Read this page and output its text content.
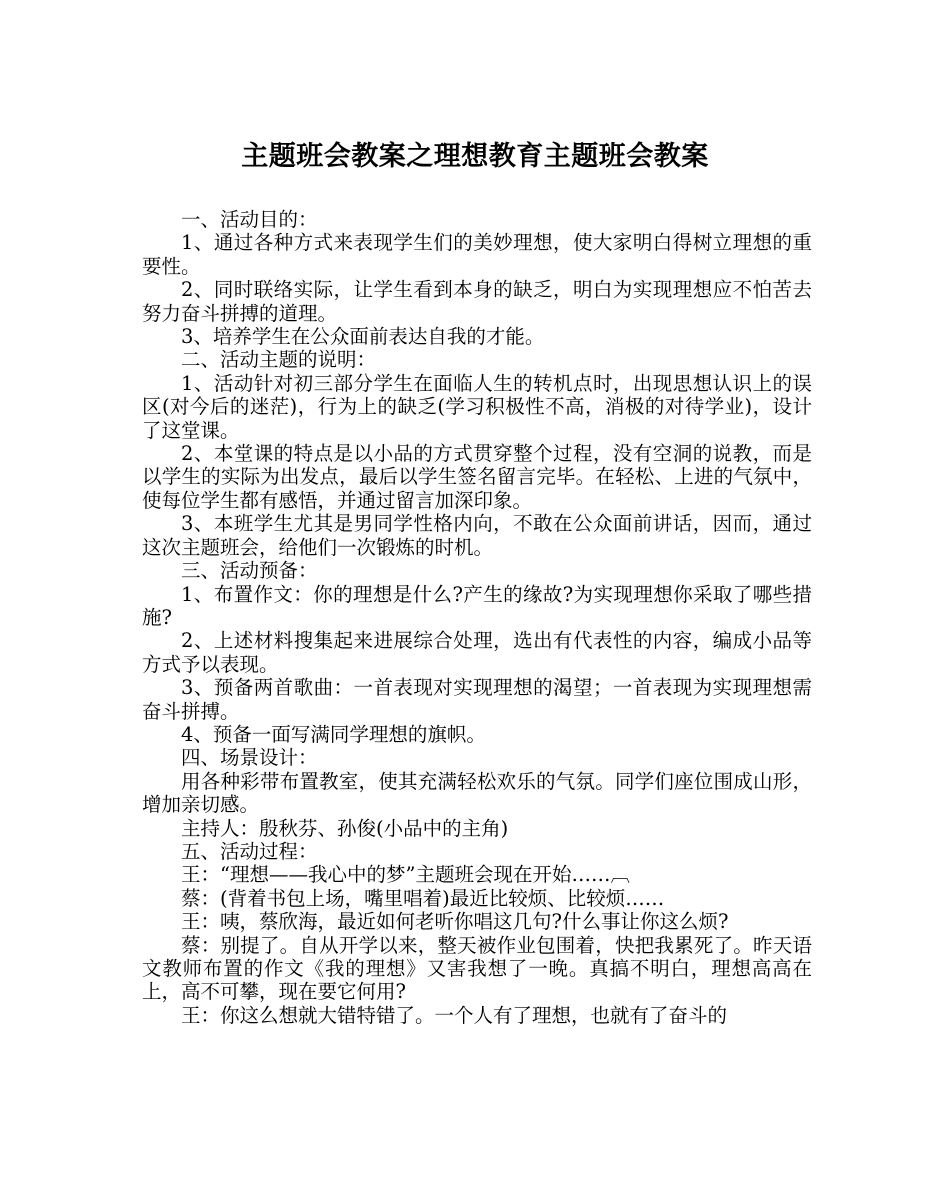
主题班会教案之理想教育主题班会教案

一、活动目的：

1、通过各种方式来表现学生们的美妙理想，使大家明白得树立理想的重要性。

2、同时联络实际，让学生看到本身的缺乏，明白为实现理想应不怕苦去努力奋斗拼搏的道理。

3、培养学生在公众面前表达自我的才能。

二、活动主题的说明：

1、活动针对初三部分学生在面临人生的转机点时，出现思想认识上的误区(对今后的迷茫)，行为上的缺乏(学习积极性不高，消极的对待学业)，设计了这堂课。

2、本堂课的特点是以小品的方式贯穿整个过程，没有空洞的说教，而是以学生的实际为出发点，最后以学生签名留言完毕。在轻松、上进的气氛中，使每位学生都有感悟，并通过留言加深印象。

3、本班学生尤其是男同学性格内向，不敢在公众面前讲话，因而，通过这次主题班会，给他们一次锻炼的时机。

三、活动预备：

1、布置作文：你的理想是什么?产生的缘故?为实现理想你采取了哪些措施?

2、上述材料搜集起来进展综合处理，选出有代表性的内容，编成小品等方式予以表现。

3、预备两首歌曲：一首表现对实现理想的渴望；一首表现为实现理想需奋斗拼搏。

4、预备一面写满同学理想的旗帜。

四、场景设计：

用各种彩带布置教室，使其充满轻松欢乐的气氛。同学们座位围成山形，增加亲切感。

主持人：殷秋芬、孙俊(小品中的主角)

五、活动过程：

王：“理想——我心中的梦”主题班会现在开始……︹

蔡：(背着书包上场，嘴里唱着)最近比较烦、比较烦……

王：咦，蔡欣海，最近如何老听你唱这几句?什么事让你这么烦?

蔡：别提了。自从开学以来，整天被作业包围着，快把我累死了。昨天语文教师布置的作文《我的理想》又害我想了一晚。真搞不明白，理想高高在上，高不可攀，现在要它何用?

王：你这么想就大错特错了。一个人有了理想，也就有了奋斗的
